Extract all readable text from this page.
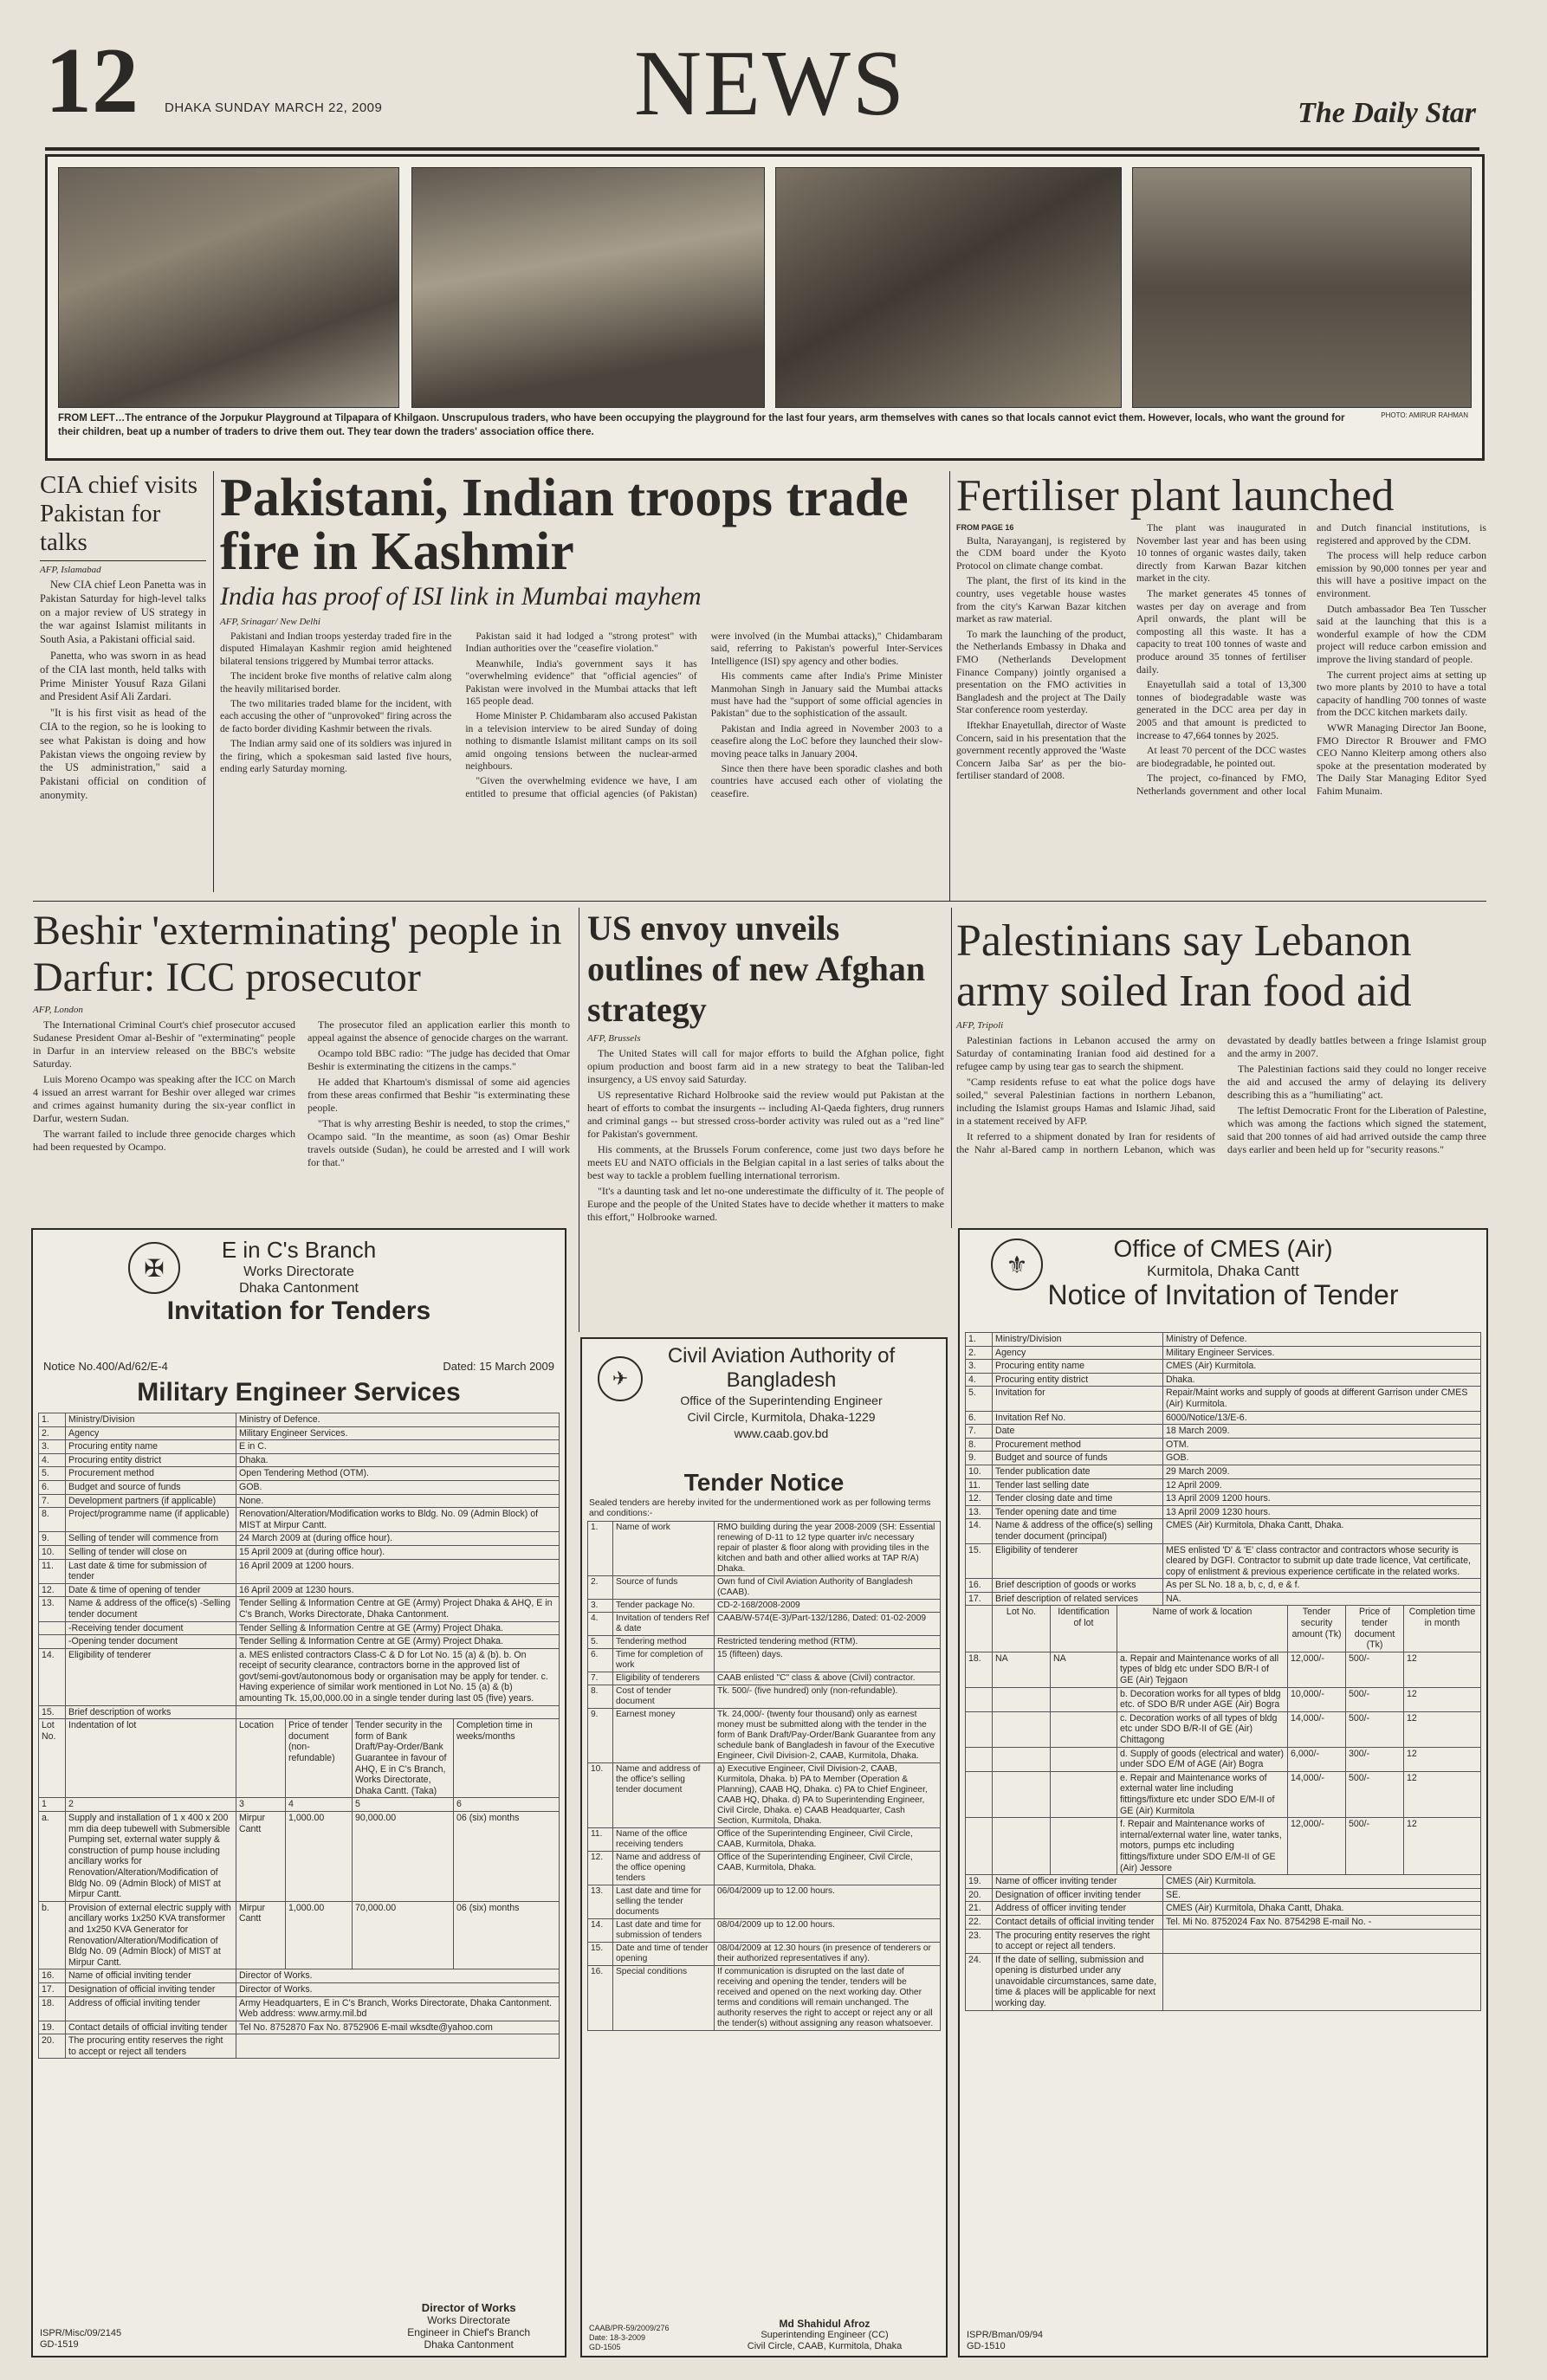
12 DHAKA SUNDAY MARCH 22, 2009	NEWS	The Daily Star
FROM LEFT…The entrance of the Jorpukur Playground at Tilpapara of Khilgaon. Unscrupulous traders, who have been occupying the playground for the last four years, arm themselves with canes so that locals cannot evict them. However, locals, who want the ground for their children, beat up a number of traders to drive them out. They tear down the traders' association office there.
PHOTO: AMIRUR RAHMAN
CIA chief visits Pakistan for talks
AFP, Islamabad

New CIA chief Leon Panetta was in Pakistan Saturday for high-level talks on a major review of US strategy in the war against Islamist militants in South Asia, a Pakistani official said.

Panetta, who was sworn in as head of the CIA last month, held talks with Prime Minister Yousuf Raza Gilani and President Asif Ali Zardari.

"It is his first visit as head of the CIA to the region, so he is looking to see what Pakistan is doing and how Pakistan views the ongoing review by the US administration," said a Pakistani official on condition of anonymity.

Pakistani, Indian troops trade fire in Kashmir
India has proof of ISI link in Mumbai mayhem
AFP, Srinagar/ New Delhi

Pakistani and Indian troops yesterday traded fire in the disputed Himalayan Kashmir region amid heightened bilateral tensions triggered by Mumbai terror attacks.

The incident broke five months of relative calm along the heavily militarised border.

The two militaries traded blame for the incident, with each accusing the other of "unprovoked" firing across the de facto border dividing Kashmir between the rivals.

The Indian army said one of its soldiers was injured in the firing, which a spokesman said lasted five hours, ending early Saturday morning.

Pakistan said it had lodged a "strong protest" with Indian authorities over the "ceasefire violation."

Meanwhile, India's government says it has "overwhelming evidence" that "official agencies" of Pakistan were involved in the Mumbai attacks that left 165 people dead.

Home Minister P. Chidambaram also accused Pakistan in a television interview to be aired Sunday of doing nothing to dismantle Islamist militant camps on its soil amid ongoing tensions between the nuclear-armed neighbours.

"Given the overwhelming evidence we have, I am entitled to presume that official agencies (of Pakistan) were involved (in the Mumbai attacks)," Chidambaram said, referring to Pakistan's powerful Inter-Services Intelligence (ISI) spy agency and other bodies.

His comments came after India's Prime Minister Manmohan Singh in January said the Mumbai attacks must have had the "support of some official agencies in Pakistan" due to the sophistication of the assault.

Pakistan and India agreed in November 2003 to a ceasefire along the LoC before they launched their slow-moving peace talks in January 2004.

Since then there have been sporadic clashes and both countries have accused each other of violating the ceasefire.

Fertiliser plant launched
FROM PAGE 16

Bulta, Narayanganj, is registered by the CDM board under the Kyoto Protocol on climate change combat.

The plant, the first of its kind in the country, uses vegetable house wastes from the city's Karwan Bazar kitchen market as raw material.

To mark the launching of the product, the Netherlands Embassy in Dhaka and FMO (Netherlands Development Finance Company) jointly organised a presentation on the FMO activities in Bangladesh and the project at The Daily Star conference room yesterday.

Iftekhar Enayetullah, director of Waste Concern, said in his presentation that the government recently approved the 'Waste Concern Jaiba Sar' as per the bio-fertiliser standard of 2008.

The plant was inaugurated in November last year and has been using 10 tonnes of organic wastes daily, taken directly from Karwan Bazar kitchen market in the city.

The market generates 45 tonnes of wastes per day on average and from April onwards, the plant will be composting all this waste. It has a capacity to treat 100 tonnes of waste and produce around 35 tonnes of fertiliser daily.

Enayetullah said a total of 13,300 tonnes of biodegradable waste was generated in the DCC area per day in 2005 and that amount is predicted to increase to 47,664 tonnes by 2025.

At least 70 percent of the DCC wastes are biodegradable, he pointed out.

The project, co-financed by FMO, Netherlands government and other local and Dutch financial institutions, is registered and approved by the CDM.

The process will help reduce carbon emission by 90,000 tonnes per year and this will have a positive impact on the environment.

Dutch ambassador Bea Ten Tusscher said at the launching that this is a wonderful example of how the CDM project will reduce carbon emission and improve the living standard of people.

The current project aims at setting up two more plants by 2010 to have a total capacity of handling 700 tonnes of waste from the DCC kitchen markets daily.

WWR Managing Director Jan Boone, FMO Director R Brouwer and FMO CEO Nanno Kleiterp among others also spoke at the presentation moderated by The Daily Star Managing Editor Syed Fahim Munaim.

Beshir 'exterminating' people in Darfur: ICC prosecutor
AFP, London

The International Criminal Court's chief prosecutor accused Sudanese President Omar al-Beshir of "exterminating" people in Darfur in an interview released on the BBC's website Saturday.

Luis Moreno Ocampo was speaking after the ICC on March 4 issued an arrest warrant for Beshir over alleged war crimes and crimes against humanity during the six-year conflict in Darfur, western Sudan.

The warrant failed to include three genocide charges which had been requested by Ocampo.

The prosecutor filed an application earlier this month to appeal against the absence of genocide charges on the warrant.

Ocampo told BBC radio: "The judge has decided that Omar Beshir is exterminating the citizens in the camps."

He added that Khartoum's dismissal of some aid agencies from these areas confirmed that Beshir "is exterminating these people.

"That is why arresting Beshir is needed, to stop the crimes," Ocampo said. "In the meantime, as soon (as) Omar Beshir travels outside (Sudan), he could be arrested and I will work for that."

US envoy unveils outlines of new Afghan strategy
AFP, Brussels

The United States will call for major efforts to build the Afghan police, fight opium production and boost farm aid in a new strategy to beat the Taliban-led insurgency, a US envoy said Saturday.

US representative Richard Holbrooke said the review would put Pakistan at the heart of efforts to combat the insurgents -- including Al-Qaeda fighters, drug runners and criminal gangs -- but stressed cross-border activity was ruled out as a "red line" for Pakistan's government.

His comments, at the Brussels Forum conference, come just two days before he meets EU and NATO officials in the Belgian capital in a last series of talks about the best way to tackle a problem fuelling international terrorism.

"It's a daunting task and let no-one underestimate the difficulty of it. The people of Europe and the people of the United States have to decide whether it matters to make this effort," Holbrooke warned.

Palestinians say Lebanon army soiled Iran food aid
AFP, Tripoli

Palestinian factions in Lebanon accused the army on Saturday of contaminating Iranian food aid destined for a refugee camp by using tear gas to search the shipment.

"Camp residents refuse to eat what the police dogs have soiled," several Palestinian factions in northern Lebanon, including the Islamist groups Hamas and Islamic Jihad, said in a statement received by AFP.

It referred to a shipment donated by Iran for residents of the Nahr al-Bared camp in northern Lebanon, which was devastated by deadly battles between a fringe Islamist group and the army in 2007.

The Palestinian factions said they could no longer receive the aid and accused the army of delaying its delivery describing this as a "humiliating" act.

The leftist Democratic Front for the Liberation of Palestine, which was among the factions which signed the statement, said that 200 tonnes of aid had arrived outside the camp three days earlier and been held up for "security reasons."

✠
E in C's Branch
Works Directorate
Dhaka Cantonment
Invitation for Tenders
Notice No.400/Ad/62/E-4	Dated: 15 March 2009
Military Engineer Services
1.	Ministry/Division	Ministry of Defence.
2.	Agency	Military Engineer Services.
3.	Procuring entity name	E in C.
4.	Procuring entity district	Dhaka.
5.	Procurement method	Open Tendering Method (OTM).
6.	Budget and source of funds	GOB.
7.	Development partners (if applicable)	None.
8.	Project/programme name (if applicable)	Renovation/Alteration/Modification works to Bldg. No. 09 (Admin Block) of MIST at Mirpur Cantt.
9.	Selling of tender will commence from	24 March 2009 at (during office hour).
10.	Selling of tender will close on	15 April 2009 at (during office hour).
11.	Last date & time for submission of tender	16 April 2009 at 1200 hours.
12.	Date & time of opening of tender	16 April 2009 at 1230 hours.
13.	Name & address of the office(s) -Selling tender document	Tender Selling & Information Centre at GE (Army) Project Dhaka & AHQ, E in C's Branch, Works Directorate, Dhaka Cantonment.
	-Receiving tender document	Tender Selling & Information Centre at GE (Army) Project Dhaka.
	-Opening tender document	Tender Selling & Information Centre at GE (Army) Project Dhaka.
14.	Eligibility of tenderer	a. MES enlisted contractors Class-C & D for Lot No. 15 (a) & (b). b. On receipt of security clearance, contractors borne in the approved list of govt/semi-govt/autonomous body or organisation may be apply for tender. c. Having experience of similar work mentioned in Lot No. 15 (a) & (b) amounting Tk. 15,00,000.00 in a single tender during last 05 (five) years.
15.	Brief description of works	
Lot No.	Indentation of lot	Location	Price of tender document (non-refundable)	Tender security in the form of Bank Draft/Pay-Order/Bank Guarantee in favour of AHQ, E in C's Branch, Works Directorate, Dhaka Cantt. (Taka)	Completion time in weeks/months
1	2	3	4	5	6
a.	Supply and installation of 1 x 400 x 200 mm dia deep tubewell with Submersible Pumping set, external water supply & construction of pump house including ancillary works for Renovation/Alteration/Modification of Bldg No. 09 (Admin Block) of MIST at Mirpur Cantt.	Mirpur Cantt	1,000.00	90,000.00	06 (six) months
b.	Provision of external electric supply with ancillary works 1x250 KVA transformer and 1x250 KVA Generator for Renovation/Alteration/Modification of Bldg No. 09 (Admin Block) of MIST at Mirpur Cantt.	Mirpur Cantt	1,000.00	70,000.00	06 (six) months
16.	Name of official inviting tender	Director of Works.
17.	Designation of official inviting tender	Director of Works.
18.	Address of official inviting tender	Army Headquarters, E in C's Branch, Works Directorate, Dhaka Cantonment. Web address: www.army.mil.bd
19.	Contact details of official inviting tender	Tel No. 8752870 Fax No. 8752906 E-mail wksdte@yahoo.com
20.	The procuring entity reserves the right to accept or reject all tenders	
ISPR/Misc/09/2145
GD-1519
Director of Works
Works Directorate
Engineer in Chief's Branch
Dhaka Cantonment
✈
Civil Aviation Authority of Bangladesh
Office of the Superintending Engineer
Civil Circle, Kurmitola, Dhaka-1229
www.caab.gov.bd
Tender Notice
Sealed tenders are hereby invited for the undermentioned work as per following terms and conditions:-
1.	Name of work	RMO building during the year 2008-2009 (SH: Essential renewing of D-11 to 12 type quarter in/c necessary repair of plaster & floor along with providing tiles in the kitchen and bath and other allied works at TAP R/A) Dhaka.
2.	Source of funds	Own fund of Civil Aviation Authority of Bangladesh (CAAB).
3.	Tender package No.	CD-2-168/2008-2009
4.	Invitation of tenders Ref & date	CAAB/W-574(E-3)/Part-132/1286, Dated: 01-02-2009
5.	Tendering method	Restricted tendering method (RTM).
6.	Time for completion of work	15 (fifteen) days.
7.	Eligibility of tenderers	CAAB enlisted "C" class & above (Civil) contractor.
8.	Cost of tender document	Tk. 500/- (five hundred) only (non-refundable).
9.	Earnest money	Tk. 24,000/- (twenty four thousand) only as earnest money must be submitted along with the tender in the form of Bank Draft/Pay-Order/Bank Guarantee from any schedule bank of Bangladesh in favour of the Executive Engineer, Civil Division-2, CAAB, Kurmitola, Dhaka.
10.	Name and address of the office's selling tender document	a) Executive Engineer, Civil Division-2, CAAB, Kurmitola, Dhaka. b) PA to Member (Operation & Planning), CAAB HQ, Dhaka. c) PA to Chief Engineer, CAAB HQ, Dhaka. d) PA to Superintending Engineer, Civil Circle, Dhaka. e) CAAB Headquarter, Cash Section, Kurmitola, Dhaka.
11.	Name of the office receiving tenders	Office of the Superintending Engineer, Civil Circle, CAAB, Kurmitola, Dhaka.
12.	Name and address of the office opening tenders	Office of the Superintending Engineer, Civil Circle, CAAB, Kurmitola, Dhaka.
13.	Last date and time for selling the tender documents	06/04/2009 up to 12.00 hours.
14.	Last date and time for submission of tenders	08/04/2009 up to 12.00 hours.
15.	Date and time of tender opening	08/04/2009 at 12.30 hours (in presence of tenderers or their authorized representatives if any).
16.	Special conditions	If communication is disrupted on the last date of receiving and opening the tender, tenders will be received and opened on the next working day. Other terms and conditions will remain unchanged. The authority reserves the right to accept or reject any or all the tender(s) without assigning any reason whatsoever.
CAAB/PR-59/2009/276
Date: 18-3-2009
GD-1505
Md Shahidul Afroz
Superintending Engineer (CC)
Civil Circle, CAAB, Kurmitola, Dhaka
⚜
Office of CMES (Air)
Kurmitola, Dhaka Cantt
Notice of Invitation of Tender
1.	Ministry/Division	Ministry of Defence.
2.	Agency	Military Engineer Services.
3.	Procuring entity name	CMES (Air) Kurmitola.
4.	Procuring entity district	Dhaka.
5.	Invitation for	Repair/Maint works and supply of goods at different Garrison under CMES (Air) Kurmitola.
6.	Invitation Ref No.	6000/Notice/13/E-6.
7.	Date	18 March 2009.
8.	Procurement method	OTM.
9.	Budget and source of funds	GOB.
10.	Tender publication date	29 March 2009.
11.	Tender last selling date	12 April 2009.
12.	Tender closing date and time	13 April 2009 1200 hours.
13.	Tender opening date and time	13 April 2009 1230 hours.
14.	Name & address of the office(s) selling tender document (principal)	CMES (Air) Kurmitola, Dhaka Cantt, Dhaka.
15.	Eligibility of tenderer	MES enlisted 'D' & 'E' class contractor and contractors whose security is cleared by DGFI. Contractor to submit up date trade licence, Vat certificate, copy of enlistment & previous experience certificate in the related works.
16.	Brief description of goods or works	As per SL No. 18 a, b, c, d, e & f.
17.	Brief description of related services	NA.
	Lot No.	Identification of lot	Name of work & location	Tender security amount (Tk)	Price of tender document (Tk)	Completion time in month
18.	NA	NA	a. Repair and Maintenance works of all types of bldg etc under SDO B/R-I of GE (Air) Tejgaon	12,000/-	500/-	12
			b. Decoration works for all types of bldg etc. of SDO B/R under AGE (Air) Bogra	10,000/-	500/-	12
			c. Decoration works of all types of bldg etc under SDO B/R-II of GE (Air) Chittagong	14,000/-	500/-	12
			d. Supply of goods (electrical and water) under SDO E/M of AGE (Air) Bogra	6,000/-	300/-	12
			e. Repair and Maintenance works of external water line including fittings/fixture etc under SDO E/M-II of GE (Air) Kurmitola	14,000/-	500/-	12
			f. Repair and Maintenance works of internal/external water line, water tanks, motors, pumps etc including fittings/fixture under SDO E/M-II of GE (Air) Jessore	12,000/-	500/-	12
19.	Name of officer inviting tender	CMES (Air) Kurmitola.
20.	Designation of officer inviting tender	SE.
21.	Address of officer inviting tender	CMES (Air) Kurmitola, Dhaka Cantt, Dhaka.
22.	Contact details of official inviting tender	Tel. Mi No. 8752024 Fax No. 8754298 E-mail No. -
23.	The procuring entity reserves the right to accept or reject all tenders.	
24.	If the date of selling, submission and opening is disturbed under any unavoidable circumstances, same date, time & places will be applicable for next working day.	
ISPR/Bman/09/94
GD-1510
